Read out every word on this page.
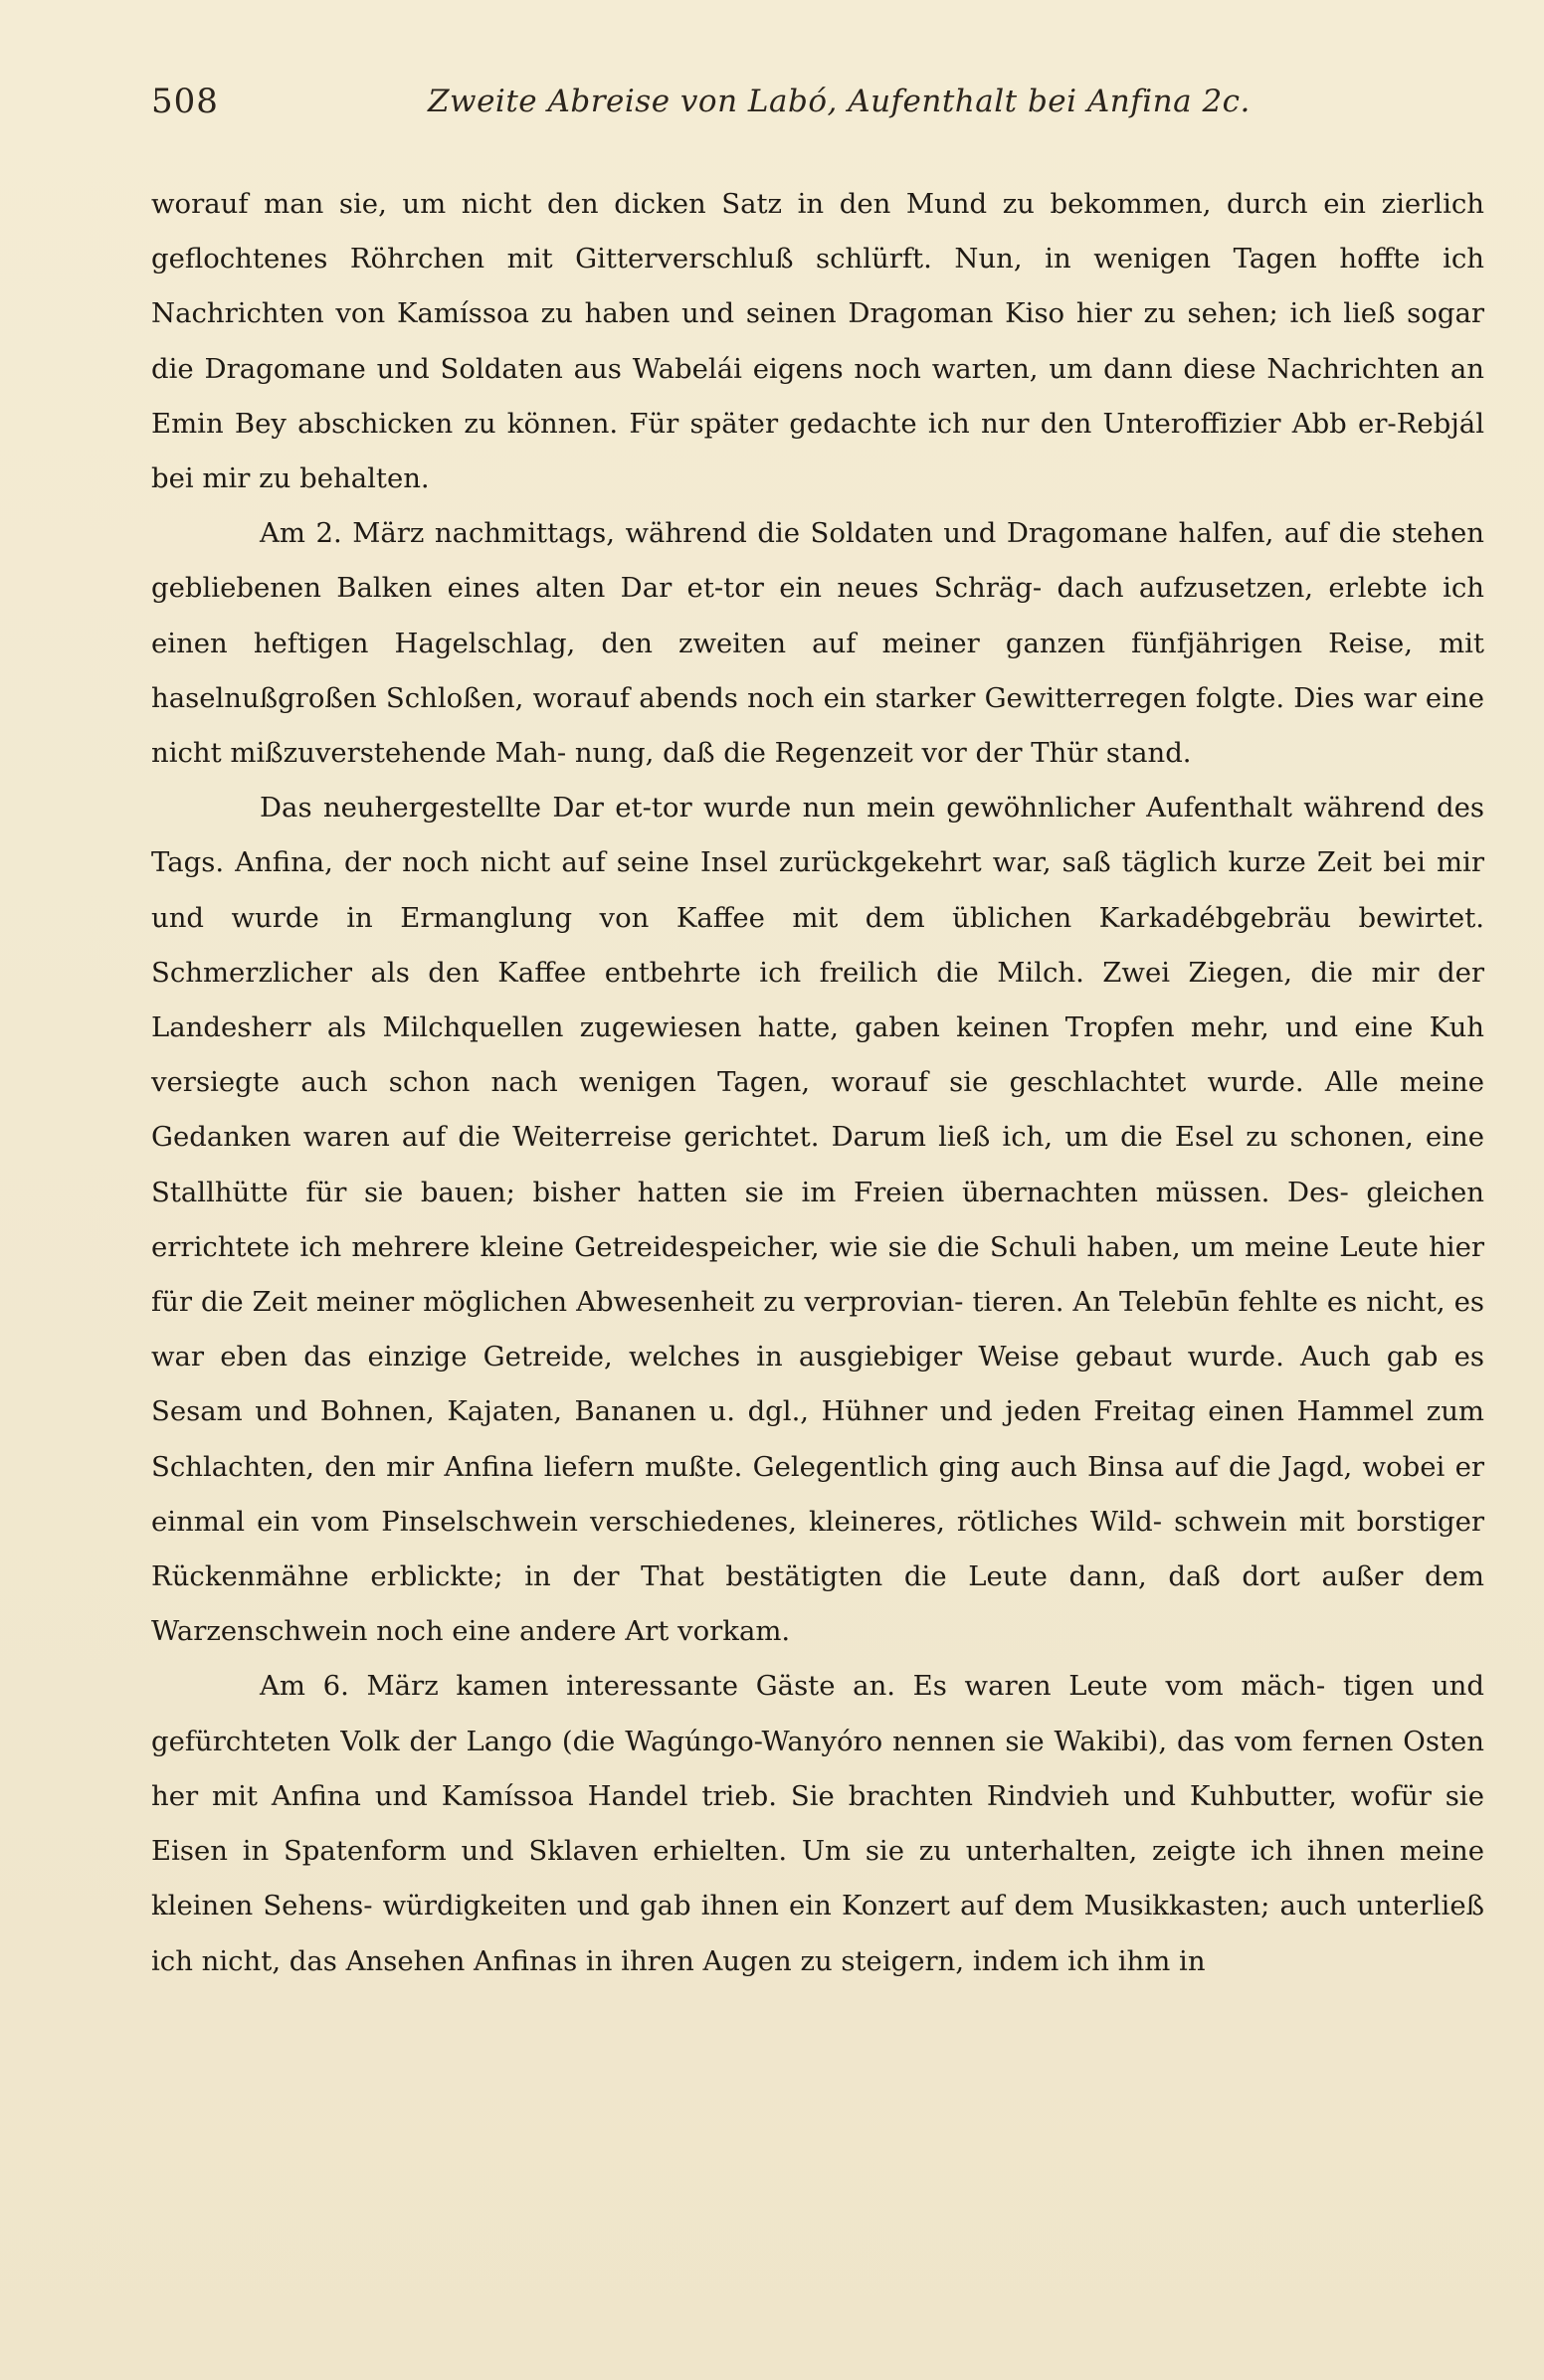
508	Zweite Abreise von Labó, Aufenthalt bei Anfina 2c.

worauf man sie, um nicht den dicken Satz in den Mund zu bekommen, durch ein zierlich geflochtenes Röhrchen mit Gitterverschluß schlürft. Nun, in wenigen Tagen hoffte ich Nachrichten von Kamíssoa zu haben und seinen Dragoman Kiso hier zu sehen; ich ließ sogar die Dragomane und Soldaten aus Wabelái eigens noch warten, um dann diese Nachrichten an Emin Bey abschicken zu können. Für später gedachte ich nur den Unteroffizier Abb er-Rebjál bei mir zu behalten.

Am 2. März nachmittags, während die Soldaten und Dragomane halfen, auf die stehen gebliebenen Balken eines alten Dar et-tor ein neues Schräg- dach aufzusetzen, erlebte ich einen heftigen Hagelschlag, den zweiten auf meiner ganzen fünfjährigen Reise, mit haselnußgroßen Schloßen, worauf abends noch ein starker Gewitterregen folgte. Dies war eine nicht mißzuverstehende Mah- nung, daß die Regenzeit vor der Thür stand.

Das neuhergestellte Dar et-tor wurde nun mein gewöhnlicher Aufenthalt während des Tags. Anfina, der noch nicht auf seine Insel zurückgekehrt war, saß täglich kurze Zeit bei mir und wurde in Ermanglung von Kaffee mit dem üblichen Karkadébgebräu bewirtet. Schmerzlicher als den Kaffee entbehrte ich freilich die Milch. Zwei Ziegen, die mir der Landesherr als Milchquellen zugewiesen hatte, gaben keinen Tropfen mehr, und eine Kuh versiegte auch schon nach wenigen Tagen, worauf sie geschlachtet wurde. Alle meine Gedanken waren auf die Weiterreise gerichtet. Darum ließ ich, um die Esel zu schonen, eine Stallhütte für sie bauen; bisher hatten sie im Freien übernachten müssen. Des- gleichen errichtete ich mehrere kleine Getreidespeicher, wie sie die Schuli haben, um meine Leute hier für die Zeit meiner möglichen Abwesenheit zu verprovian- tieren. An Telebūn fehlte es nicht, es war eben das einzige Getreide, welches in ausgiebiger Weise gebaut wurde. Auch gab es Sesam und Bohnen, Kajaten, Bananen u. dgl., Hühner und jeden Freitag einen Hammel zum Schlachten, den mir Anfina liefern mußte. Gelegentlich ging auch Binsa auf die Jagd, wobei er einmal ein vom Pinselschwein verschiedenes, kleineres, rötliches Wild- schwein mit borstiger Rückenmähne erblickte; in der That bestätigten die Leute dann, daß dort außer dem Warzenschwein noch eine andere Art vorkam.

Am 6. März kamen interessante Gäste an. Es waren Leute vom mäch- tigen und gefürchteten Volk der Lango (die Wagúngo-Wanyóro nennen sie Wakibi), das vom fernen Osten her mit Anfina und Kamíssoa Handel trieb. Sie brachten Rindvieh und Kuhbutter, wofür sie Eisen in Spatenform und Sklaven erhielten. Um sie zu unterhalten, zeigte ich ihnen meine kleinen Sehens- würdigkeiten und gab ihnen ein Konzert auf dem Musikkasten; auch unterließ ich nicht, das Ansehen Anfinas in ihren Augen zu steigern, indem ich ihm in
